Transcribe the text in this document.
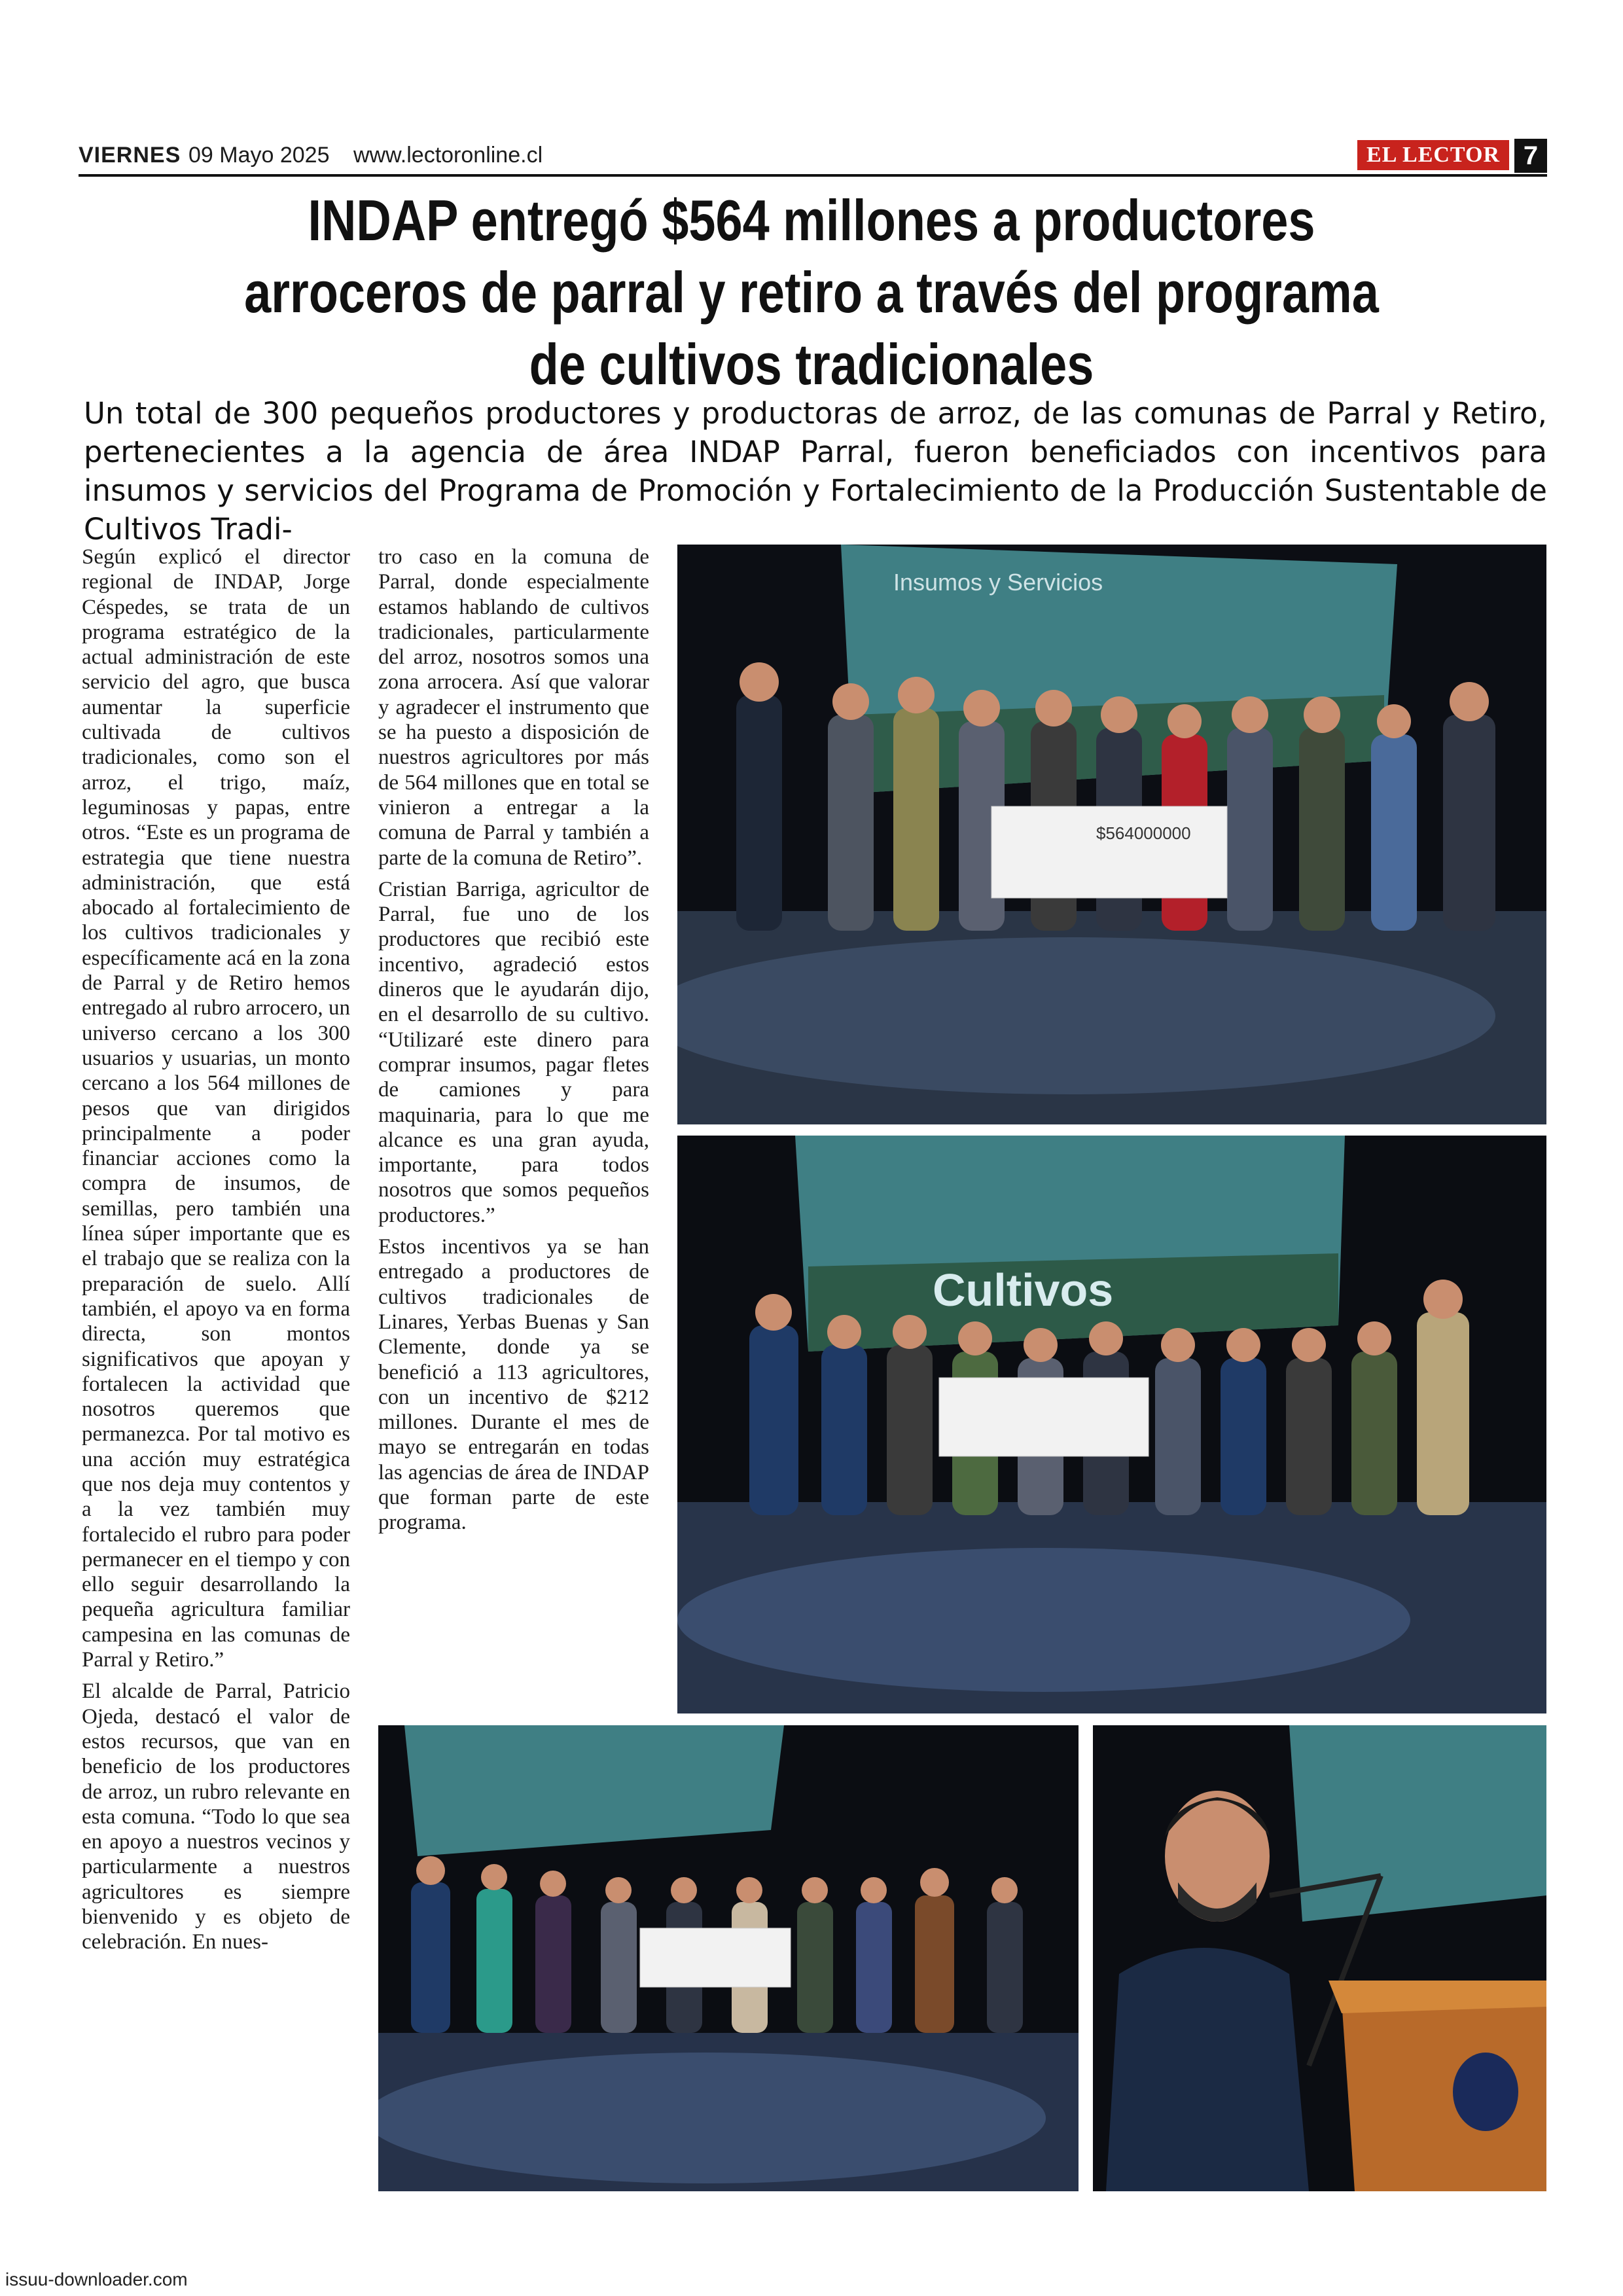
VIERNES 09 Mayo 2025 www.lectoronline.cl	EL LECTOR 7
INDAP entregó $564 millones a productores arroceros de parral y retiro a través del programa de cultivos tradicionales
Un total de 300 pequeños productores y productoras de arroz, de las comunas de Parral y Retiro, pertenecientes a la agencia de área INDAP Parral, fueron beneficiados con incentivos para insumos y servicios del Programa de Promoción y Fortalecimiento de la Producción Sustentable de Cultivos Tradi-

Según explicó el director regional de INDAP, Jorge Céspedes, se trata de un programa estratégico de la actual administración de este servicio del agro, que busca aumentar la superficie cultivada de cultivos tradicionales, como son el arroz, el trigo, maíz, leguminosas y papas, entre otros. “Este es un programa de estrategia que tiene nuestra administración, que está abocado al fortalecimiento de los cultivos tradicionales y específicamente acá en la zona de Parral y de Retiro hemos entregado al rubro arrocero, un universo cercano a los 300 usuarios y usuarias, un monto cercano a los 564 millones de pesos que van dirigidos principalmente a poder financiar acciones como la compra de insumos, de semillas, pero también una línea súper importante que es el trabajo que se realiza con la preparación de suelo. Allí también, el apoyo va en forma directa, son montos significativos que apoyan y fortalecen la actividad que nosotros queremos que permanezca. Por tal motivo es una acción muy estratégica que nos deja muy contentos y a la vez también muy fortalecido el rubro para poder permanecer en el tiempo y con ello seguir desarrollando la pequeña agricultura familiar campesina en las comunas de Parral y Retiro.”

El alcalde de Parral, Patricio Ojeda, destacó el valor de estos recursos, que van en beneficio de los productores de arroz, un rubro relevante en esta comuna. “Todo lo que sea en apoyo a nuestros vecinos y particularmente a nuestros agricultores es siempre bienvenido y es objeto de celebración. En nues-

tro caso en la comuna de Parral, donde especialmente estamos hablando de cultivos tradicionales, particularmente del arroz, nosotros somos una zona arrocera. Así que valorar y agradecer el instrumento que se ha puesto a disposición de nuestros agricultores por más de 564 millones que en total se vinieron a entregar a la comuna de Parral y también a parte de la comuna de Retiro”.

Cristian Barriga, agricultor de Parral, fue uno de los productores que recibió este incentivo, agradeció estos dineros que le ayudarán dijo, en el desarrollo de su cultivo. “Utilizaré este dinero para comprar insumos, pagar fletes de camiones y para maquinaria, para lo que me alcance es una gran ayuda, importante, para todos nosotros que somos pequeños productores.”

Estos incentivos ya se han entregado a productores de cultivos tradicionales de Linares, Yerbas Buenas y San Clemente, donde ya se benefició a 113 agricultores, con un incentivo de $212 millones. Durante el mes de mayo se entregarán en todas las agencias de área de INDAP que forman parte de este programa.

Insumos y Servicios
$564000000
Cultivos
issuu-downloader.com
